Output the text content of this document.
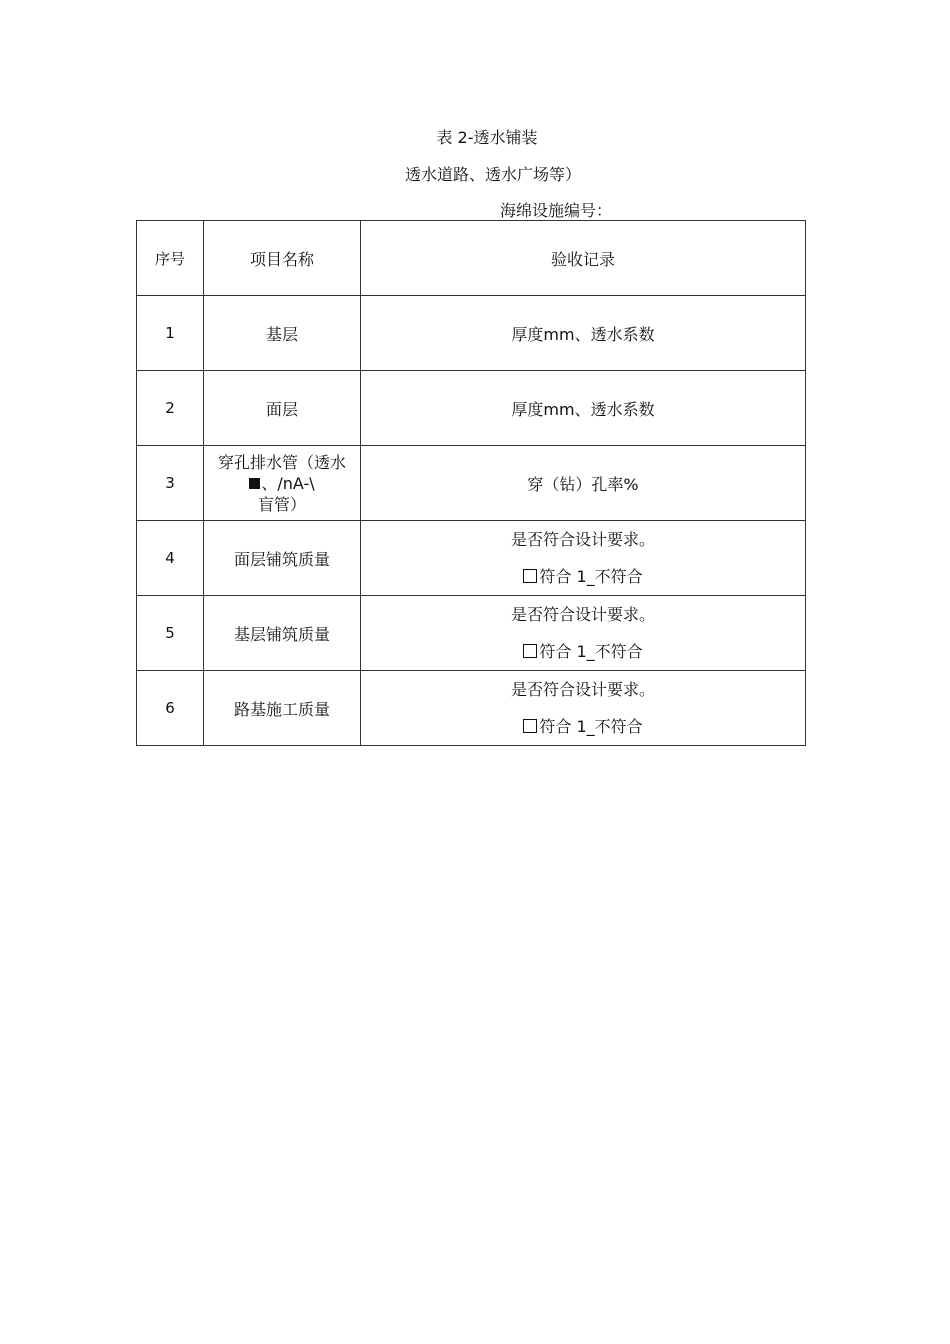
表 2-透水铺装
透水道路、透水广场等）
海绵设施编号：
序号	项目名称	验收记录
1	基层	厚度mm、透水系数
2	面层	厚度mm、透水系数
3	穿孔排水管（透水
、/nA-\
盲管）	穿（钻）孔率%
4	面层铺筑质量	是否符合设计要求。
符合 1_不符合

5	基层铺筑质量	是否符合设计要求。
符合 1_不符合

6	路基施工质量	是否符合设计要求。
符合 1_不符合
